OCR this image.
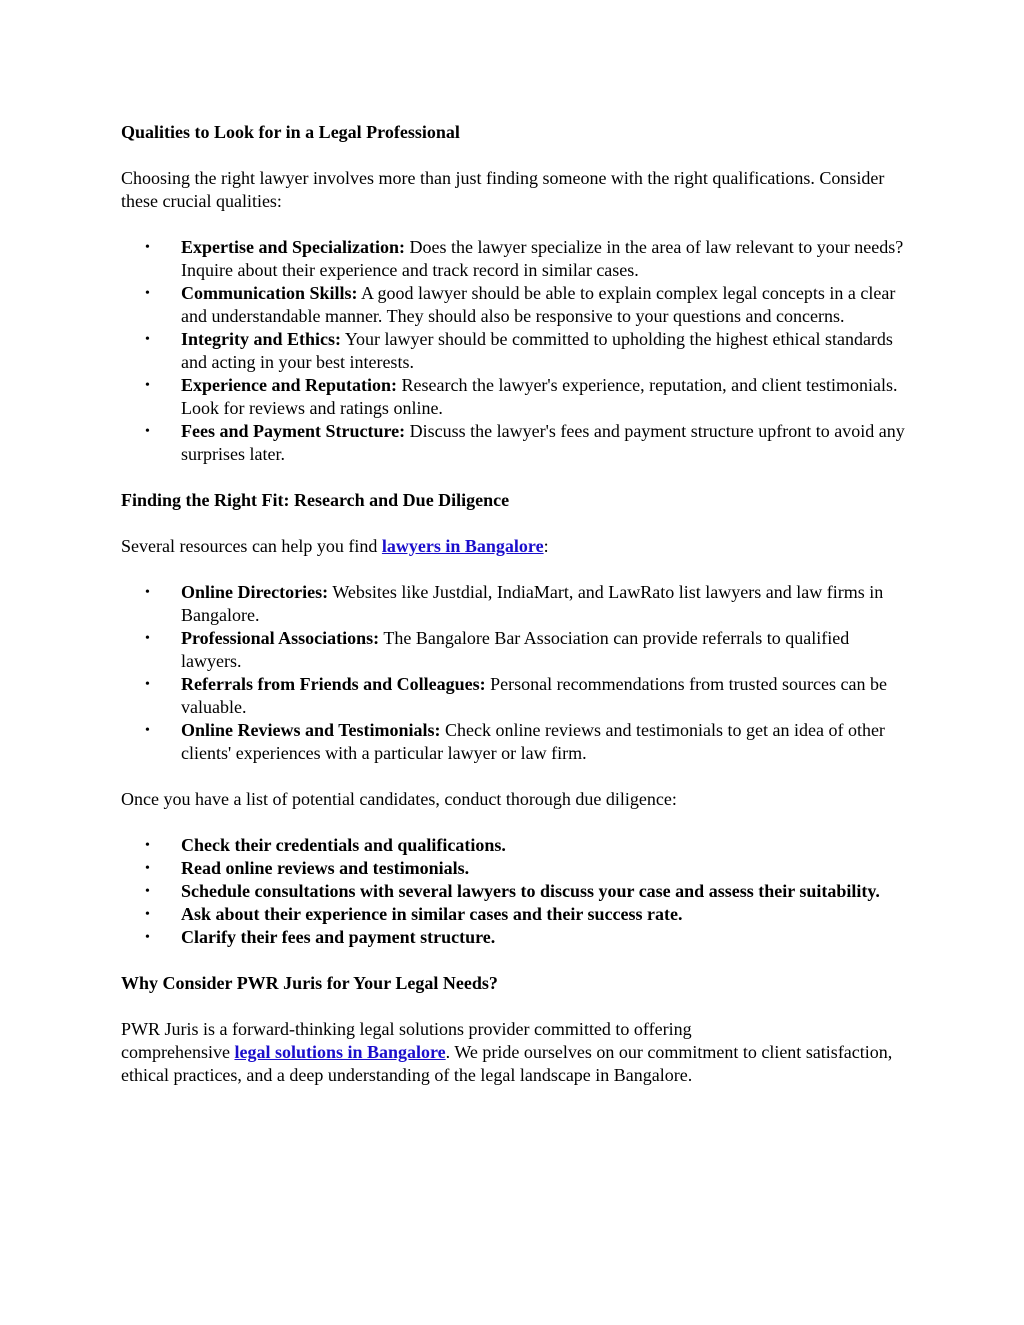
Qualities to Look for in a Legal Professional

Choosing the right lawyer involves more than just finding someone with the right qualifications. Consider these crucial qualities:

• Expertise and Specialization: Does the lawyer specialize in the area of law relevant to your needs? Inquire about their experience and track record in similar cases.
• Communication Skills: A good lawyer should be able to explain complex legal concepts in a clear and understandable manner. They should also be responsive to your questions and concerns.
• Integrity and Ethics: Your lawyer should be committed to upholding the highest ethical standards and acting in your best interests.
• Experience and Reputation: Research the lawyer's experience, reputation, and client testimonials. Look for reviews and ratings online.
• Fees and Payment Structure: Discuss the lawyer's fees and payment structure upfront to avoid any surprises later.
Finding the Right Fit: Research and Due Diligence

Several resources can help you find lawyers in Bangalore:

• Online Directories: Websites like Justdial, IndiaMart, and LawRato list lawyers and law firms in Bangalore.
• Professional Associations: The Bangalore Bar Association can provide referrals to qualified lawyers.
• Referrals from Friends and Colleagues: Personal recommendations from trusted sources can be valuable.
• Online Reviews and Testimonials: Check online reviews and testimonials to get an idea of other clients' experiences with a particular lawyer or law firm.

Once you have a list of potential candidates, conduct thorough due diligence:

• Check their credentials and qualifications.
• Read online reviews and testimonials.
• Schedule consultations with several lawyers to discuss your case and assess their suitability.
• Ask about their experience in similar cases and their success rate.
• Clarify their fees and payment structure.
Why Consider PWR Juris for Your Legal Needs?

PWR Juris is a forward-thinking legal solutions provider committed to offering
comprehensive legal solutions in Bangalore. We pride ourselves on our commitment to client satisfaction, ethical practices, and a deep understanding of the legal landscape in Bangalore.
